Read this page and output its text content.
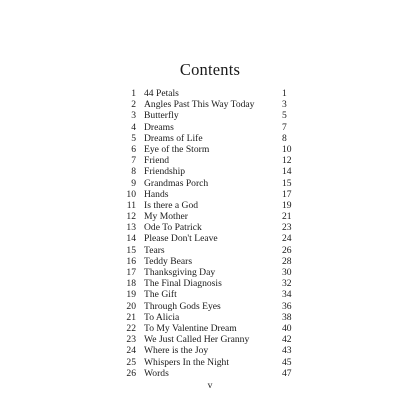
Contents
1 44 Petals	1
2 Angles Past This Way Today	3
3 Butterfly	5
4 Dreams	7
5 Dreams of Life	8
6 Eye of the Storm	10
7 Friend	12
8 Friendship	14
9 Grandmas Porch	15
10 Hands	17
11 Is there a God	19
12 My Mother	21
13 Ode To Patrick	23
14 Please Don't Leave	24
15 Tears	26
16 Teddy Bears	28
17 Thanksgiving Day	30
18 The Final Diagnosis	32
19 The Gift	34
20 Through Gods Eyes	36
21 To Alicia	38
22 To My Valentine Dream	40
23 We Just Called Her Granny	42
24 Where is the Joy	43
25 Whispers In the Night	45
26 Words	47
v
